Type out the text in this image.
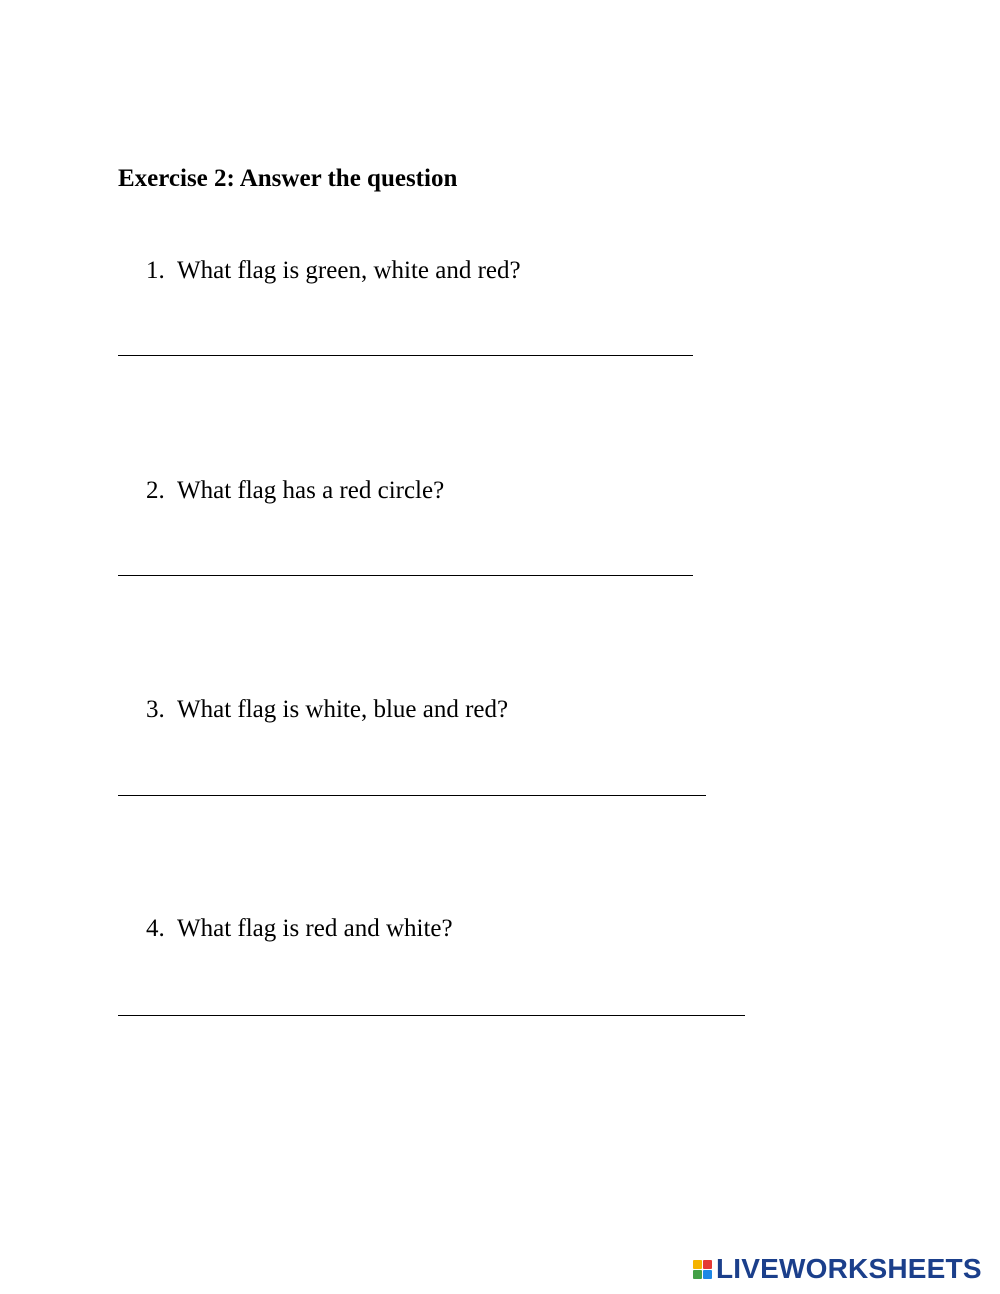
Exercise 2: Answer the question
1. What flag is green, white and red?
2. What flag has a red circle?
3. What flag is white, blue and red?
4. What flag is red and white?
LIVEWORKSHEETS
